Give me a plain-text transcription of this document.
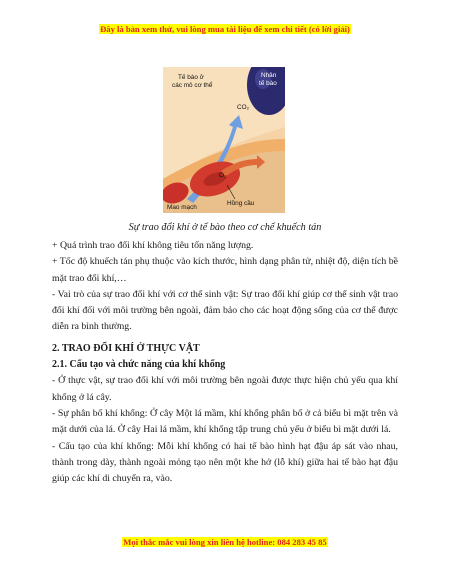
Đây là bản xem thử, vui lòng mua tài liệu để xem chi tiết (có lời giải)
Tế bào ở
các mô cơ thể
Nhân
tế bào
CO₂
O₂
Mao mạch
Hồng cầu
Sự trao đổi khí ở tế bào theo cơ chế khuếch tán

+ Quá trình trao đổi khí không tiêu tốn năng lượng.

+ Tốc độ khuếch tán phụ thuộc vào kích thước, hình dạng phân tử, nhiệt độ, diện tích bề mặt trao đổi khí,…

- Vai trò của sự trao đổi khí với cơ thể sinh vật: Sự trao đổi khí giúp cơ thể sinh vật trao đổi khí đối với môi trường bên ngoài, đảm bảo cho các hoạt động sống của cơ thể được diễn ra bình thường.

2. TRAO ĐỔI KHÍ Ở THỰC VẬT

2.1. Cấu tạo và chức năng của khí khổng

- Ở thực vật, sự trao đổi khí với môi trường bên ngoài được thực hiện chủ yếu qua khí khổng ở lá cây.

- Sự phân bố khí khổng: Ở cây Một lá mầm, khí khổng phân bố ở cả biểu bì mặt trên và mặt dưới của lá. Ở cây Hai lá mầm, khí khổng tập trung chủ yếu ở biểu bì mặt dưới lá.

- Cấu tạo của khí khổng: Mỗi khí khổng có hai tế bào hình hạt đậu áp sát vào nhau, thành trong dày, thành ngoài mỏng tạo nên một khe hở (lỗ khí) giữa hai tế bào hạt đậu giúp các khí di chuyển ra, vào.

Mọi thắc mắc vui lòng xin liên hệ hotline: 084 283 45 85
